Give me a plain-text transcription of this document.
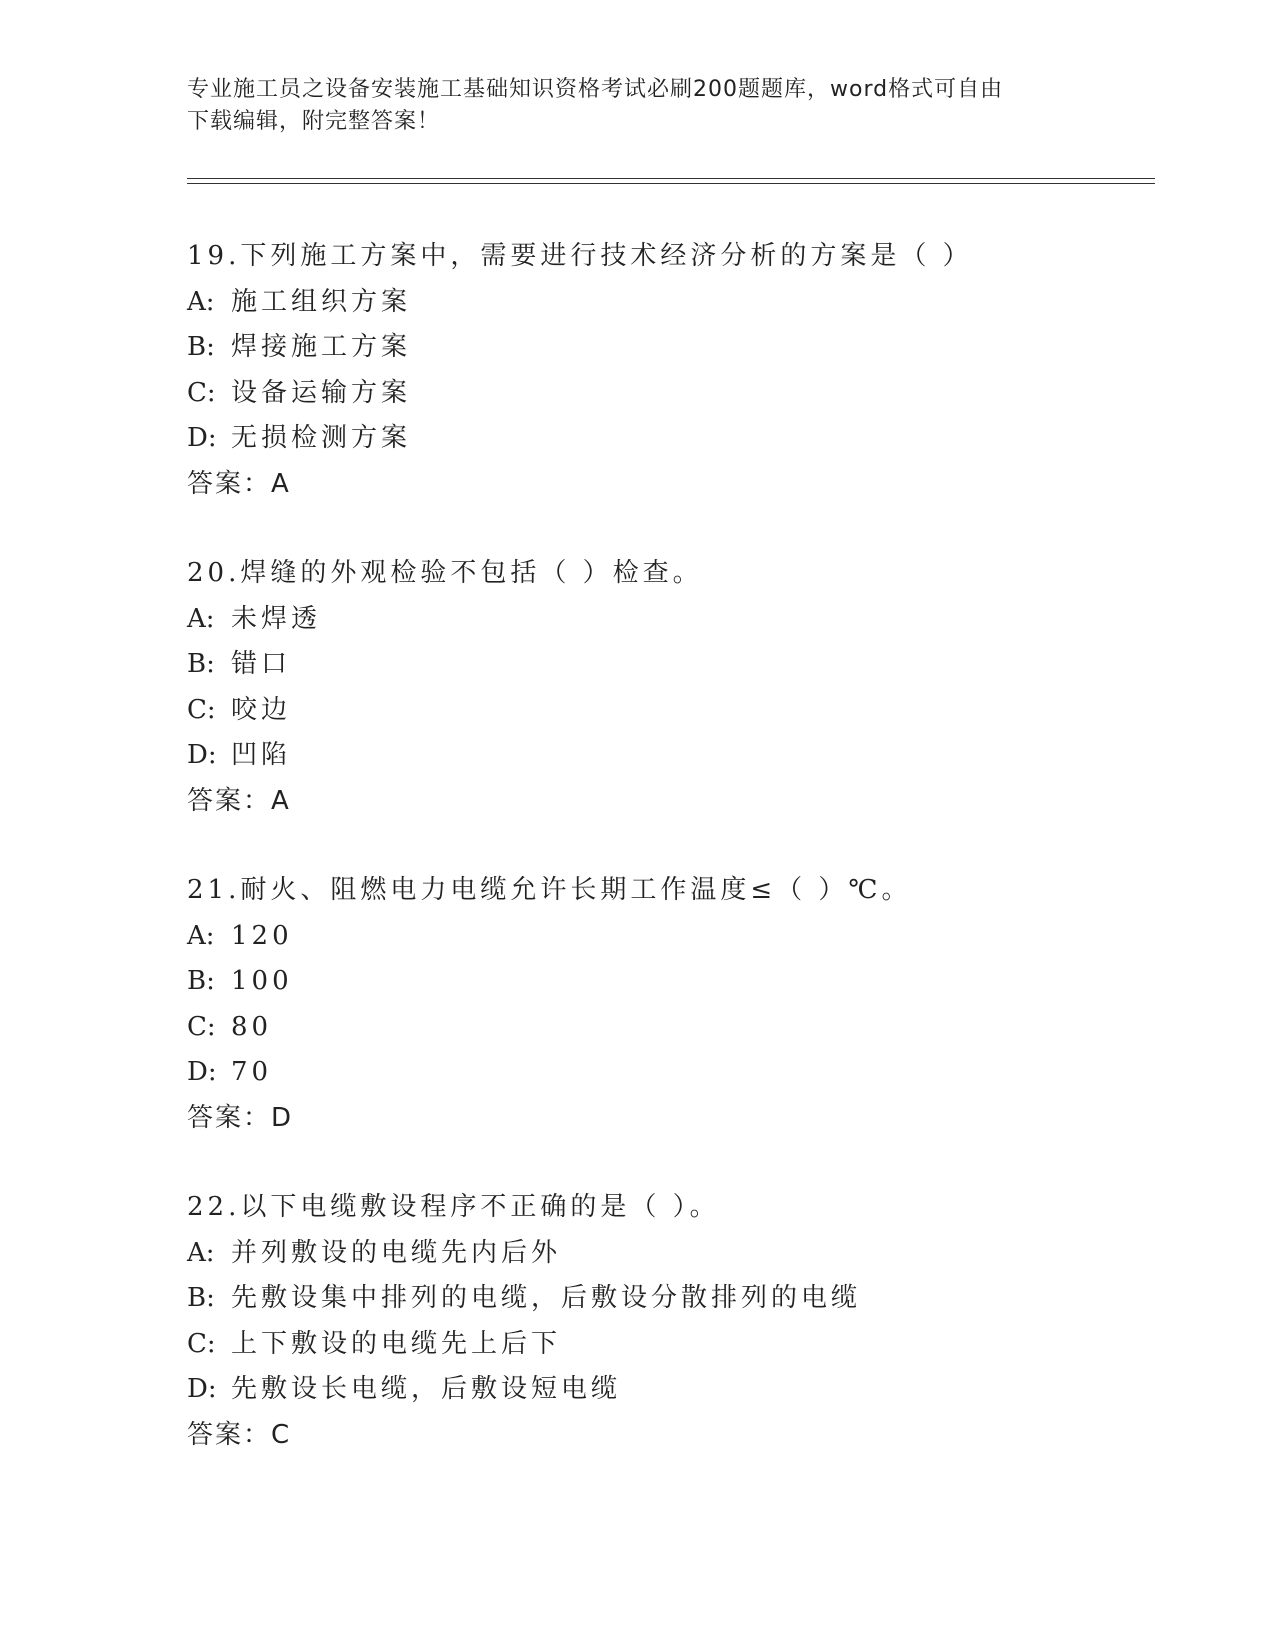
专业施工员之设备安装施工基础知识资格考试必刷200题题库，word格式可自由
下载编辑，附完整答案！
19.下列施工方案中，需要进行技术经济分析的方案是（ ）
A: 施工组织方案
B: 焊接施工方案
C: 设备运输方案
D: 无损检测方案
答案：A
20.焊缝的外观检验不包括（ ）检查。
A: 未焊透
B: 错口
C: 咬边
D: 凹陷
答案：A
21.耐火、阻燃电力电缆允许长期工作温度≤（ ）℃。
A: 120
B: 100
C: 80
D: 70
答案：D
22.以下电缆敷设程序不正确的是（ ）。
A: 并列敷设的电缆先内后外
B: 先敷设集中排列的电缆，后敷设分散排列的电缆
C: 上下敷设的电缆先上后下
D: 先敷设长电缆，后敷设短电缆
答案：C
